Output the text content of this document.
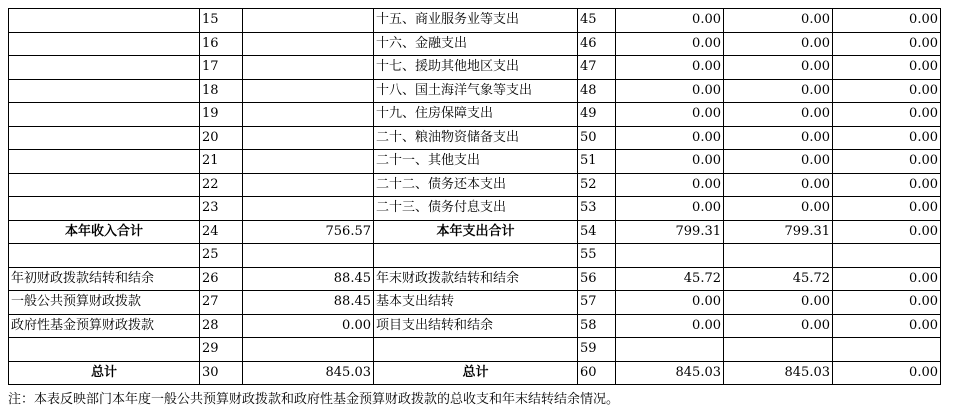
	15		十五、商业服务业等支出	45	0.00	0.00	0.00
	16		十六、金融支出	46	0.00	0.00	0.00
	17		十七、援助其他地区支出	47	0.00	0.00	0.00
	18		十八、国土海洋气象等支出	48	0.00	0.00	0.00
	19		十九、住房保障支出	49	0.00	0.00	0.00
	20		二十、粮油物资储备支出	50	0.00	0.00	0.00
	21		二十一、其他支出	51	0.00	0.00	0.00
	22		二十二、债务还本支出	52	0.00	0.00	0.00
	23		二十三、债务付息支出	53	0.00	0.00	0.00
本年收入合计	24	756.57	本年支出合计	54	799.31	799.31	0.00
	25			55			
年初财政拨款结转和结余	26	88.45	年末财政拨款结转和结余	56	45.72	45.72	0.00
一般公共预算财政拨款	27	88.45	基本支出结转	57	0.00	0.00	0.00
政府性基金预算财政拨款	28	0.00	项目支出结转和结余	58	0.00	0.00	0.00
	29			59			
总计	30	845.03	总计	60	845.03	845.03	0.00
注：本表反映部门本年度一般公共预算财政拨款和政府性基金预算财政拨款的总收支和年末结转结余情况。
